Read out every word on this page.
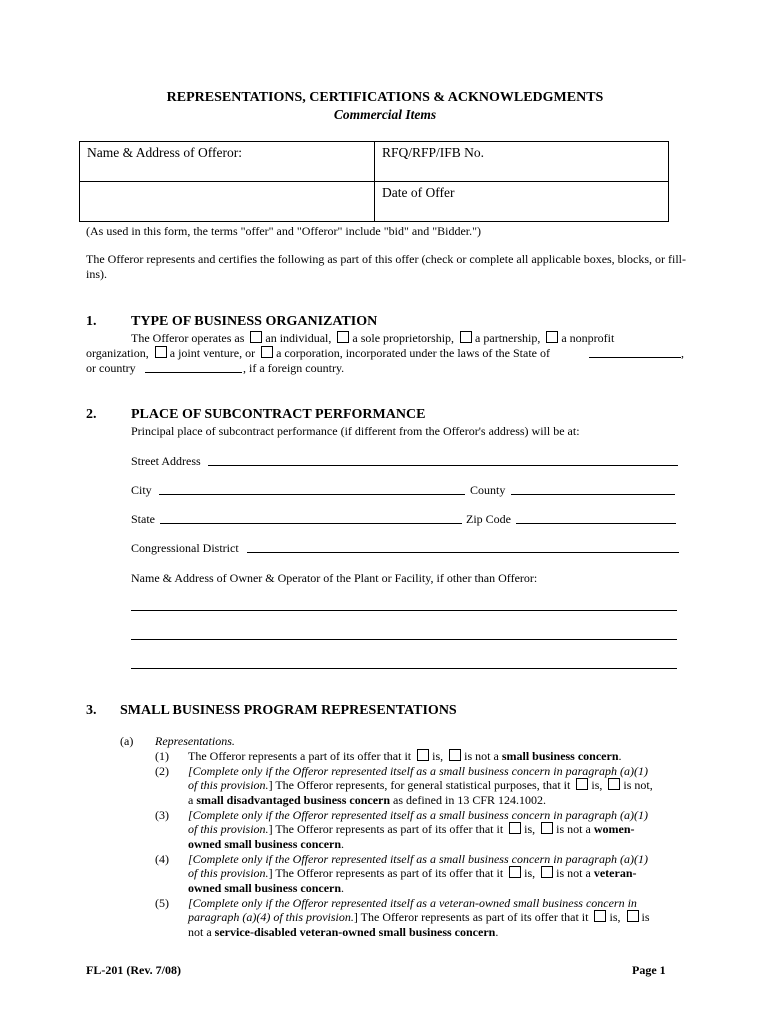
REPRESENTATIONS, CERTIFICATIONS & ACKNOWLEDGMENTS
Commercial Items
Name & Address of Offeror:	RFQ/RFP/IFB No.
	Date of Offer
(As used in this form, the terms "offer" and "Offeror" include "bid" and "Bidder.")
The Offeror represents and certifies the following as part of this offer (check or complete all applicable boxes, blocks, or fill-ins).
1. TYPE OF BUSINESS ORGANIZATION
The Offeror operates as an individual, a sole proprietorship, a partnership, a nonprofit
organization, a joint venture, or a corporation, incorporated under the laws of the State of	,
or country	, if a foreign country.
2. PLACE OF SUBCONTRACT PERFORMANCE
Principal place of subcontract performance (if different from the Offeror's address) will be at:
Street Address
City	County
State	Zip Code
Congressional District
Name & Address of Owner & Operator of the Plant or Facility, if other than Offeror:
3. SMALL BUSINESS PROGRAM REPRESENTATIONS
(a) Representations.
(1) The Offeror represents a part of its offer that it is, is not a small business concern.
(2) [Complete only if the Offeror represented itself as a small business concern in paragraph (a)(1)
of this provision.] The Offeror represents, for general statistical purposes, that it is, is not,
a small disadvantaged business concern as defined in 13 CFR 124.1002.
(3) [Complete only if the Offeror represented itself as a small business concern in paragraph (a)(1)
of this provision.] The Offeror represents as part of its offer that it is, is not a women-
owned small business concern.
(4) [Complete only if the Offeror represented itself as a small business concern in paragraph (a)(1)
of this provision.] The Offeror represents as part of its offer that it is, is not a veteran-
owned small business concern.
(5) [Complete only if the Offeror represented itself as a veteran-owned small business concern in
paragraph (a)(4) of this provision.] The Offeror represents as part of its offer that it is, is
not a service-disabled veteran-owned small business concern.
FL-201 (Rev. 7/08)	Page 1
